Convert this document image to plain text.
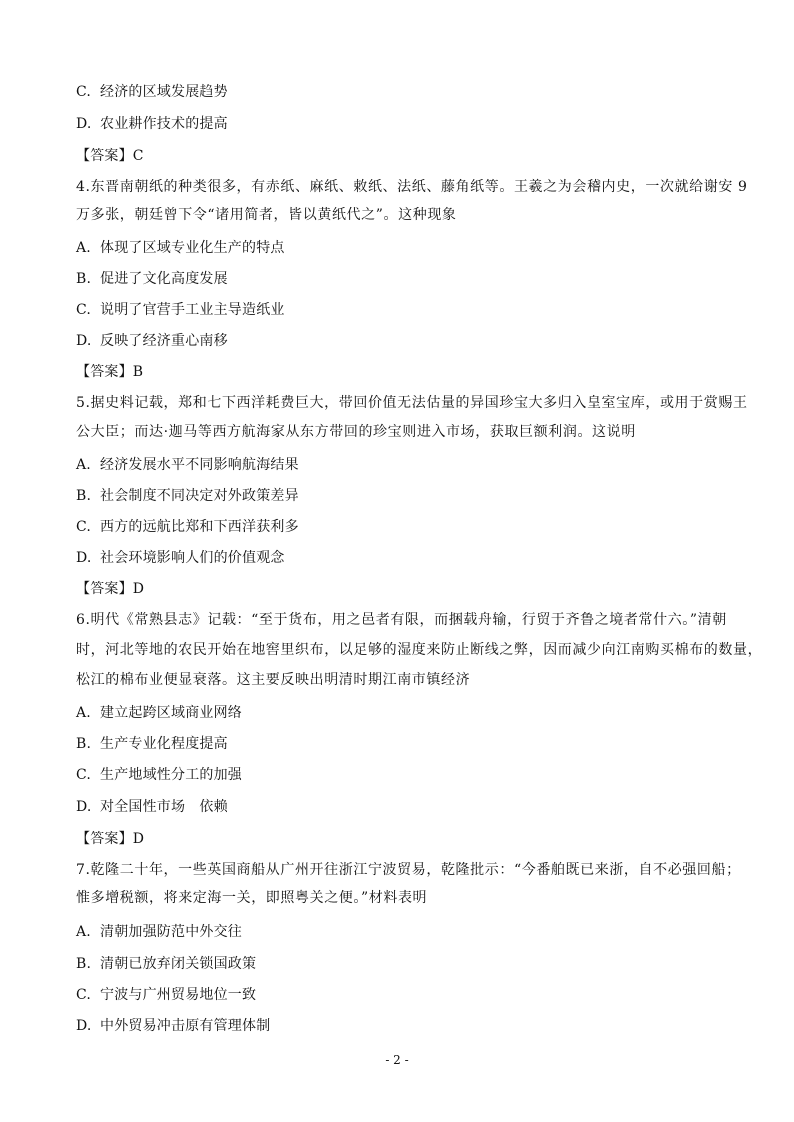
C. 经济的区域发展趋势
D. 农业耕作技术的提高
【答案】C
4.东晋南朝纸的种类很多，有赤纸、麻纸、敕纸、法纸、藤角纸等。王羲之为会稽内史，一次就给谢安 9
万多张，朝廷曾下令“诸用简者，皆以黄纸代之”。这种现象
A. 体现了区域专业化生产的特点
B. 促进了文化高度发展
C. 说明了官营手工业主导造纸业
D. 反映了经济重心南移
【答案】B
5.据史料记载，郑和七下西洋耗费巨大，带回价值无法估量的异国珍宝大多归入皇室宝库，或用于赏赐王
公大臣；而达·迦马等西方航海家从东方带回的珍宝则进入市场，获取巨额利润。这说明
A. 经济发展水平不同影响航海结果
B. 社会制度不同决定对外政策差异
C. 西方的远航比郑和下西洋获利多
D. 社会环境影响人们的价值观念
【答案】D
6.明代《常熟县志》记载：“至于货布，用之邑者有限，而捆载舟输，行贸于齐鲁之境者常什六。”清朝
时，河北等地的农民开始在地窖里织布，以足够的湿度来防止断线之弊，因而减少向江南购买棉布的数量，
松江的棉布业便显衰落。这主要反映出明清时期江南市镇经济
A. 建立起跨区域商业网络
B. 生产专业化程度提高
C. 生产地域性分工的加强
D. 对全国性市场　依赖
【答案】D
7.乾隆二十年，一些英国商船从广州开往浙江宁波贸易，乾隆批示：“今番舶既已来浙，自不必强回船；
惟多增税额，将来定海一关，即照粤关之便。”材料表明
A. 清朝加强防范中外交往
B. 清朝已放弃闭关锁国政策
C. 宁波与广州贸易地位一致
D. 中外贸易冲击原有管理体制
- 2 -
